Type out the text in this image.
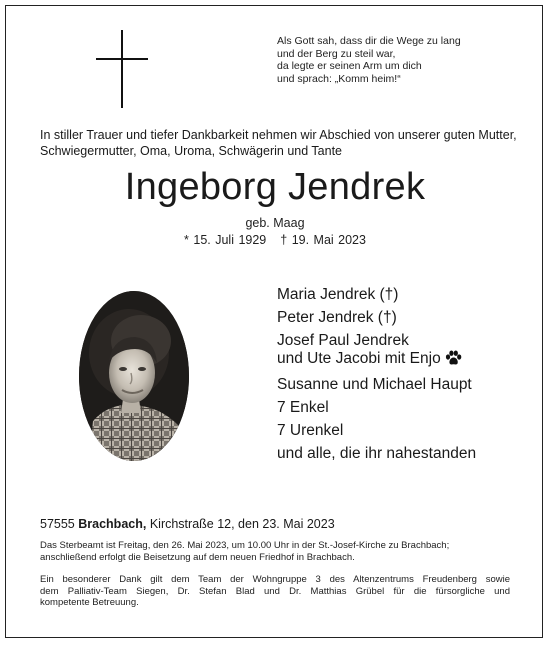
Als Gott sah, dass dir die Wege zu lang
und der Berg zu steil war,
da legte er seinen Arm um dich
und sprach: „Komm heim!“
In stiller Trauer und tiefer Dankbarkeit nehmen wir Abschied von unserer guten Mutter, Schwiegermutter, Oma, Uroma, Schwägerin und Tante
Ingeborg Jendrek
geb. Maag
* 15. Juli 1929 † 19. Mai 2023
Maria Jendrek (†)
Peter Jendrek (†)
Josef Paul Jendrek
und Ute Jacobi mit Enjo
Susanne und Michael Haupt
7 Enkel
7 Urenkel
und alle, die ihr nahestanden
57555 Brachbach, Kirchstraße 12, den 23. Mai 2023
Das Sterbeamt ist Freitag, den 26. Mai 2023, um 10.00 Uhr in der St.-Josef-Kirche zu Brachbach;
anschließend erfolgt die Beisetzung auf dem neuen Friedhof in Brachbach.
Ein besonderer Dank gilt dem Team der Wohngruppe 3 des Altenzentrums Freudenberg sowie
dem Palliativ-Team Siegen, Dr. Stefan Blad und Dr. Matthias Grübel für die fürsorgliche und
kompetente Betreuung.
